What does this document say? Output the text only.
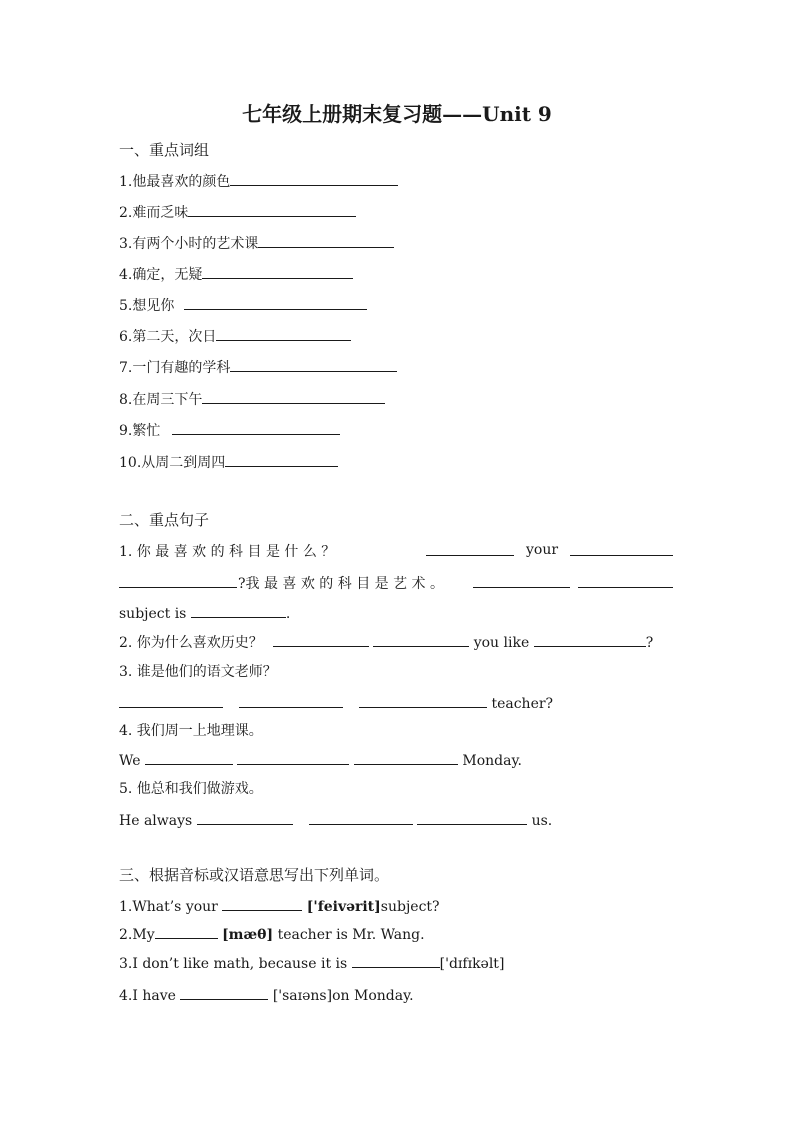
七年级上册期末复习题——Unit 9
一、重点词组
1.他最喜欢的颜色
2.难而乏味
3.有两个小时的艺术课
4.确定，无疑
5.想见你
6.第二天，次日
7.一门有趣的学科
8.在周三下午
9.繁忙
10.从周二到周四
二、重点句子
1. 你 最 喜 欢 的 科 目 是 什 么 ？	your
?我 最 喜 欢 的 科 目 是 艺 术 。
subject is	.
2. 你为什么喜欢历史？	you like	?
3. 谁是他们的语文老师？
teacher?
4. 我们周一上地理课。
We	Monday.
5. 他总和我们做游戏。
He always	us.
三、根据音标或汉语意思写出下列单词。
1.What’s your	['feivərit]subject?
2.My	[mæθ] teacher is Mr. Wang.
3.I don’t like math, because it is	['dɪfɪkəlt]
4.I have	['saɪəns]on Monday.
